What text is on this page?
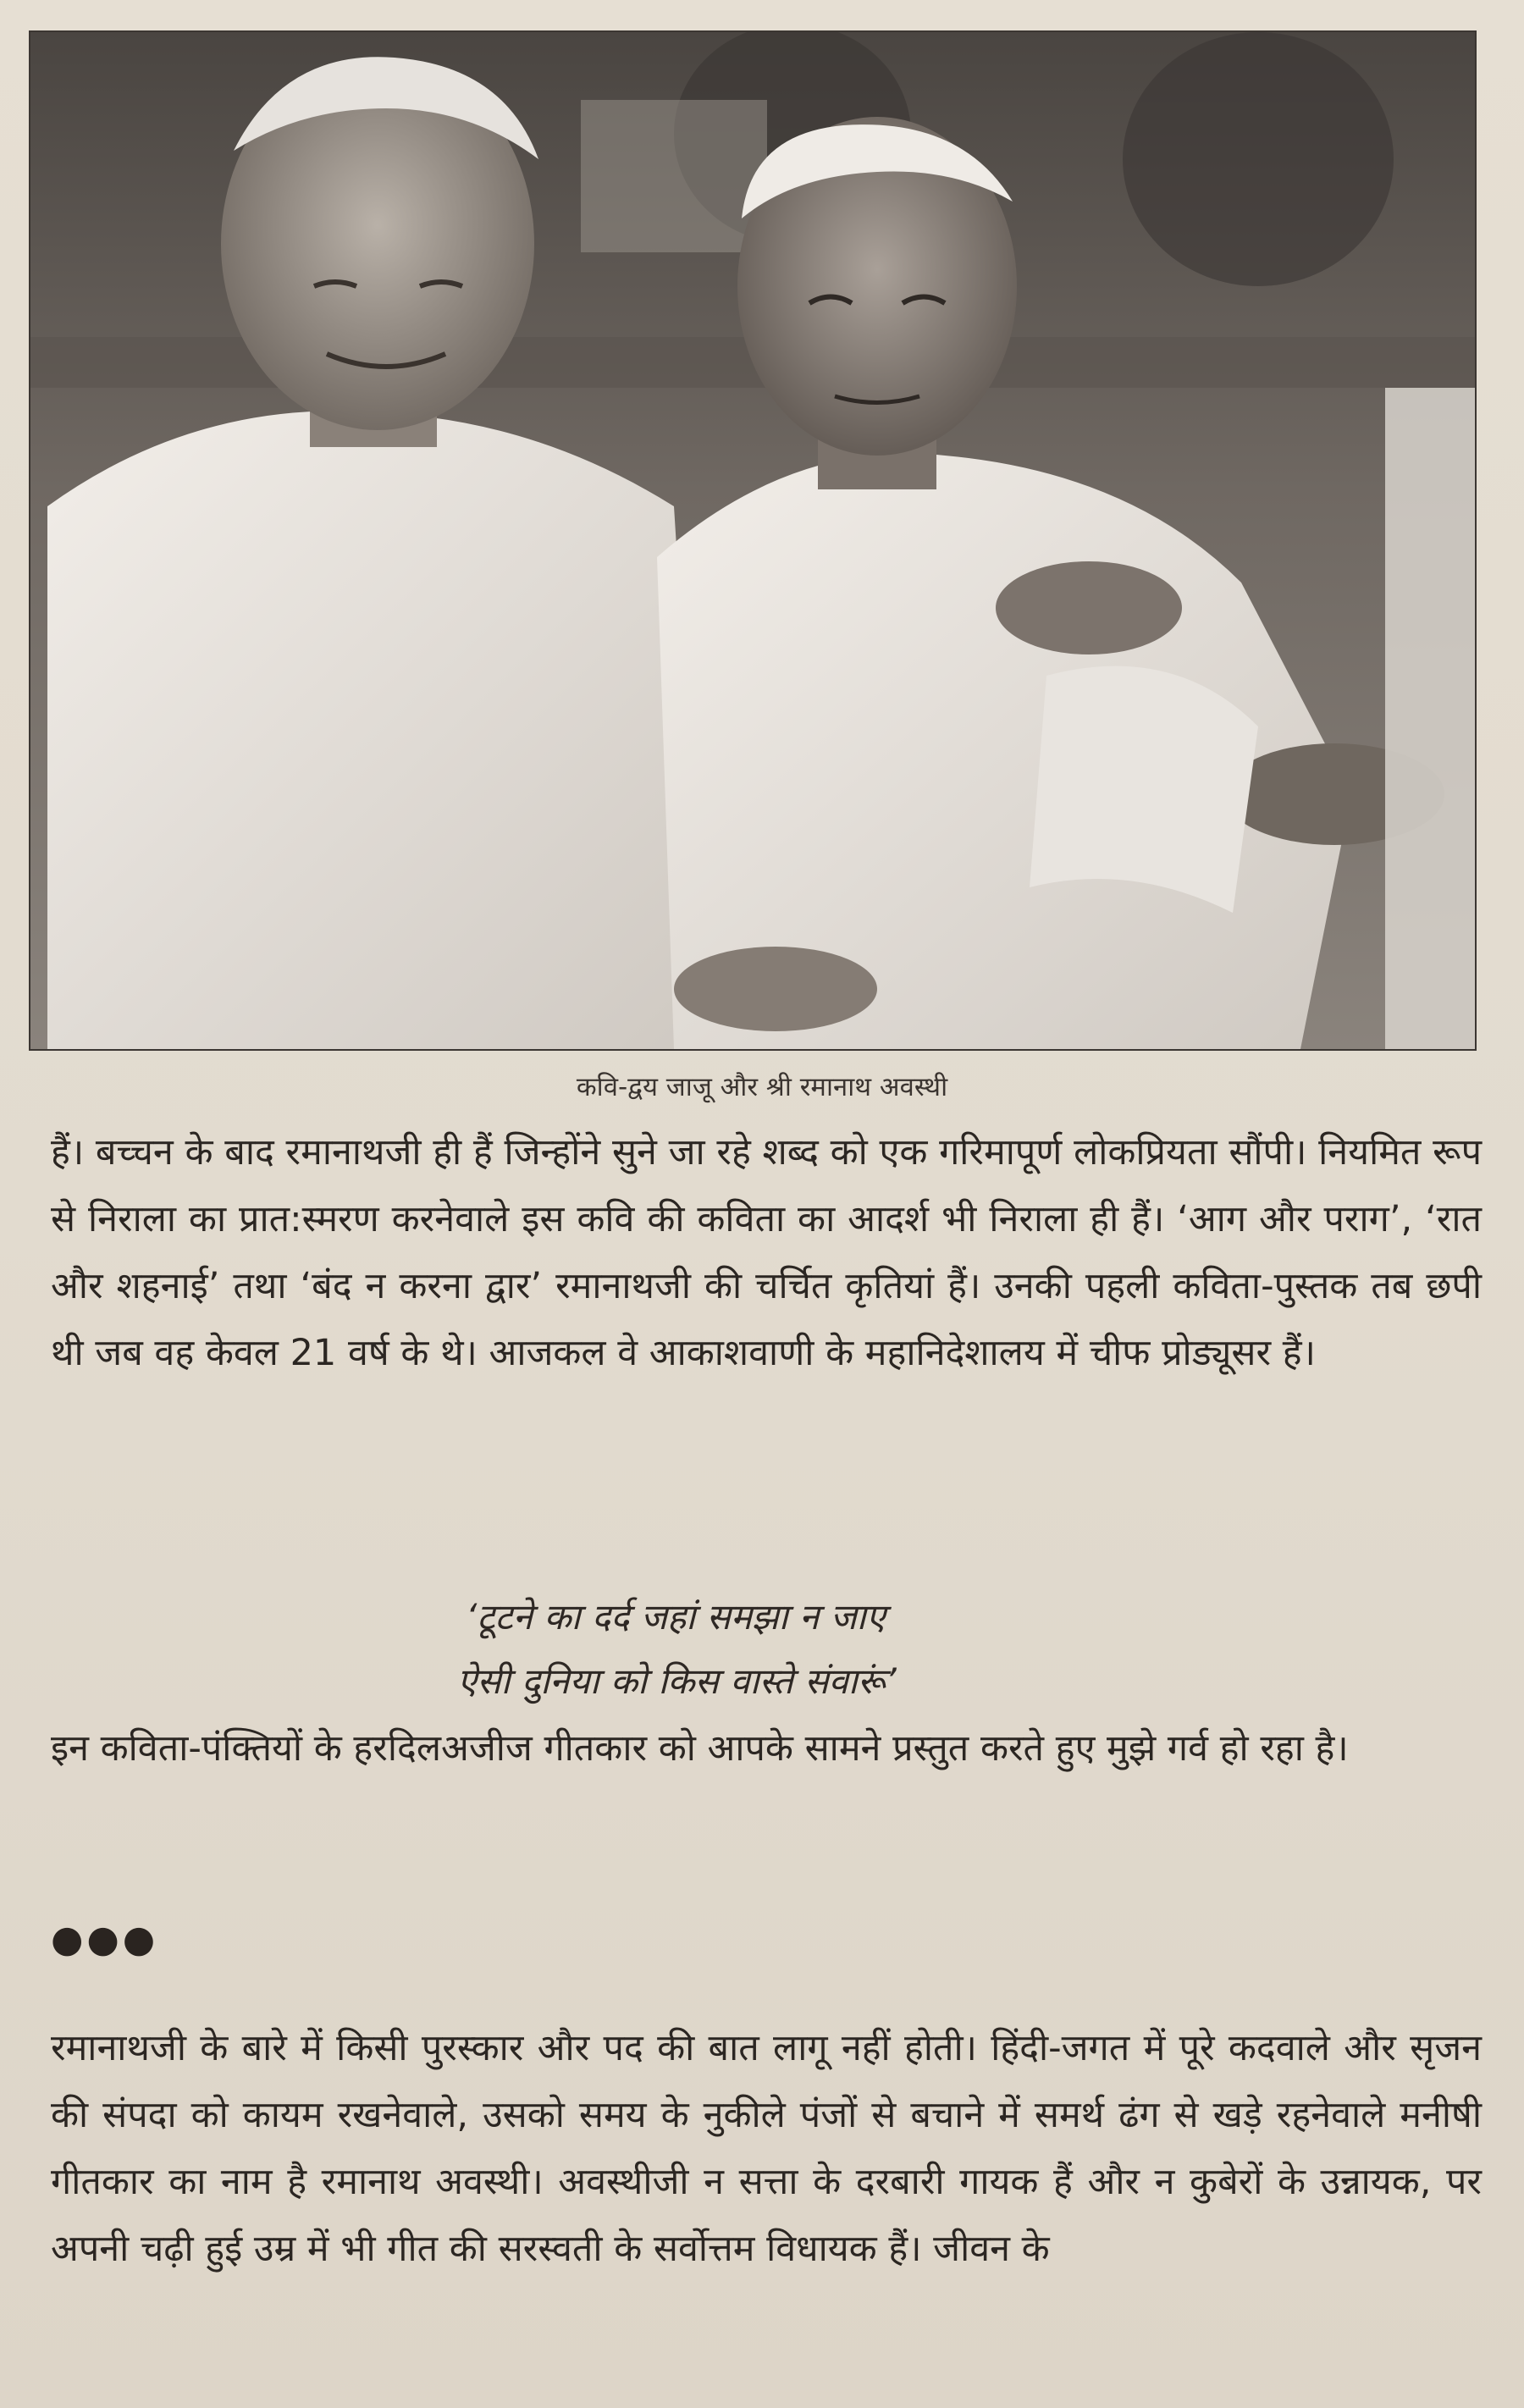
कवि-द्वय जाजू और श्री रमानाथ अवस्थी

हैं। बच्चन के बाद रमानाथजी ही हैं जिन्होंने सुने जा रहे शब्द को एक गरिमापूर्ण लोकप्रियता सौंपी। नियमित रूप से निराला का प्रात:स्मरण करनेवाले इस कवि की कविता का आदर्श भी निराला ही हैं। ‘आग और पराग’, ‘रात और शहनाई’ तथा ‘बंद न करना द्वार’ रमानाथजी की चर्चित कृतियां हैं। उनकी पहली कविता-पुस्तक तब छपी थी जब वह केवल 21 वर्ष के थे। आजकल वे आकाशवाणी के महानिदेशालय में चीफ प्रोड्यूसर हैं।

‘टूटने का दर्द जहां समझा न जाए
ऐसी दुनिया को किस वास्ते संवारूं’

इन कविता-पंक्तियों के हरदिलअजीज गीतकार को आपके सामने प्रस्तुत करते हुए मुझे गर्व हो रहा है।

●●●

रमानाथजी के बारे में किसी पुरस्कार और पद की बात लागू नहीं होती। हिंदी-जगत में पूरे कदवाले और सृजन की संपदा को कायम रखनेवाले, उसको समय के नुकीले पंजों से बचाने में समर्थ ढंग से खड़े रहनेवाले मनीषी गीतकार का नाम है रमानाथ अवस्थी। अवस्थीजी न सत्ता के दरबारी गायक हैं और न कुबेरों के उन्नायक, पर अपनी चढ़ी हुई उम्र में भी गीत की सरस्वती के सर्वोत्तम विधायक हैं। जीवन के
